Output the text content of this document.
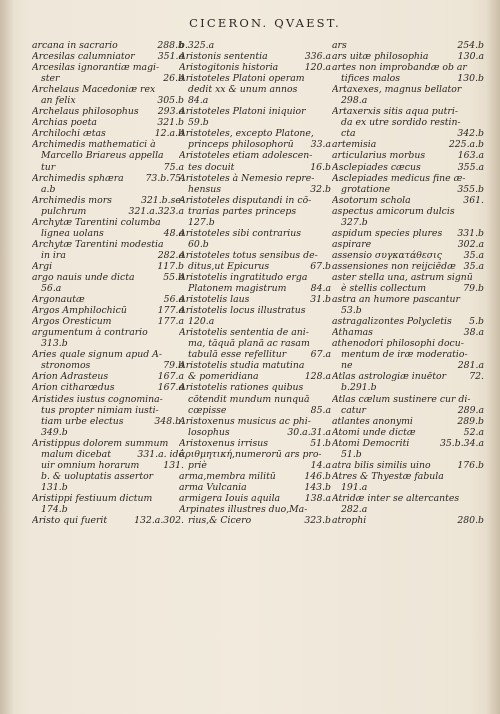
CICERON. QVAEST.
arcana in sacrario	288.b
Arcesilas calumniator 351.a
Arcesilas ignorantiæ magi-
ster	26.b
Archelaus Macedoniæ rex
an felix	305.b
Archelaus philosophus 293.a
Archias poeta	321.b
Archilochi ætas	12.a.b
Archimedis mathematici à
Marcello Briareus appella
tur	75.a
Archimedis sphæra 73.b.75.
a.b
Archimedis mors	321.b.se-
pulchrum	321.a.323.a
Archytæ Tarentini columba
lignea uolans	48.a
Archytæ Tarentini modestia
in ira	282.a
Argi	117.b
argo nauis unde dicta	55.b
56.a
Argonautæ	56.a
Argos Amphilochicū	177.a
Argos Oresticum	177.a
argumentum à contrario
313.b
Aries quale signum apud A-
stronomos	79.b
Arion Adrasteus	167.a
Arion citharœdus	167.a
Aristides iustus cognomina-
tus propter nimiam iusti-
tiam urbe electus	348.b.
349.b
Aristippus dolorem summum
malum dicebat	331.a. idē
uir omnium horarum	131.
b. & uoluptatis assertor
131.b
Aristippi festiuum dictum
174.b
Aristo qui fuerit	132.a.302.
b.325.a
Aristonis sententia	336.a
Aristogitonis historia	120.a
Aristoteles Platoni operam
dedit xx & unum annos
84.a
Aristoteles Platoni iniquior
59.b
Aristoteles, excepto Platone,
princeps philosophorū 33.a
Aristoteles etiam adolescen-
tes docuit	16.b
Aristoteles à Nemesio repre-
hensus	32.b
Aristoteles disputandi in cō-
trarias partes princeps
127.b
Aristoteles sibi contrarius
60.b
Aristoteles totus sensibus de-
ditus,ut Epicurus	67.b
Aristotelis ingratitudo erga
Platonem magistrum	84.a
Aristotelis laus	31.b
Aristotelis locus illustratus
120.a
Aristotelis sententia de ani-
ma, tāquā planā ac rasam
tabulā esse refellitur	67.a
Aristotelis studia matutina
& pomeridiana	128.a
Aristotelis rationes quibus
cōtendit mundum nunquā
cœpisse	85.a
Aristoxenus musicus ac phi-
losophus	30.a.31.a
Aristoxenus irrisus	51.b
ἀριθμητική,numerorū ars pro-
priè	14.a
arma,membra militū	146.b
arma Vulcania	143.b
armigera Iouis aquila	138.a
Arpinates illustres duo,Ma-
rius,& Cicero	323.b
ars	254.b
ars uitæ philosophia	130.a
artes non improbandæ ob ar
tifices malos	130.b
Artaxexes, magnus bellator
298.a
Artaxerxis sitis aqua putri-
da ex utre sordido restin-
cta	342.b
artemisia	225.a.b
articularius morbus	163.a
Asclepiades cæcus	355.a
Asclepiades medicus fine æ-
grotatione	355.b
Asotorum schola	361.
aspectus amicorum dulcis
327.b
aspidum species plures 331.b
aspirare	302.a
assensio συγκατάθεσις 35.a
assensiones non reijciēdæ 35.a
aster stella una, astrum signū
è stellis collectum	79.b
astra an humore pascantur
53.b
astragalizontes Polycletis 5.b
Athamas	38.a
athenodori philosophi docu-
mentum de iræ moderatio-
ne	281.a
Atlas astrologiæ inuētor 72.
b.291.b
Atlas cælum sustinere cur di-
catur	289.a
atlantes anonymi	289.b
Atomi unde dictæ	52.a
Atomi Democriti	35.b.34.a
51.b
atra bilis similis uino	176.b
Atres & Thyestæ fabula
191.a
Atridæ inter se altercantes
282.a
atrophi	280.b
